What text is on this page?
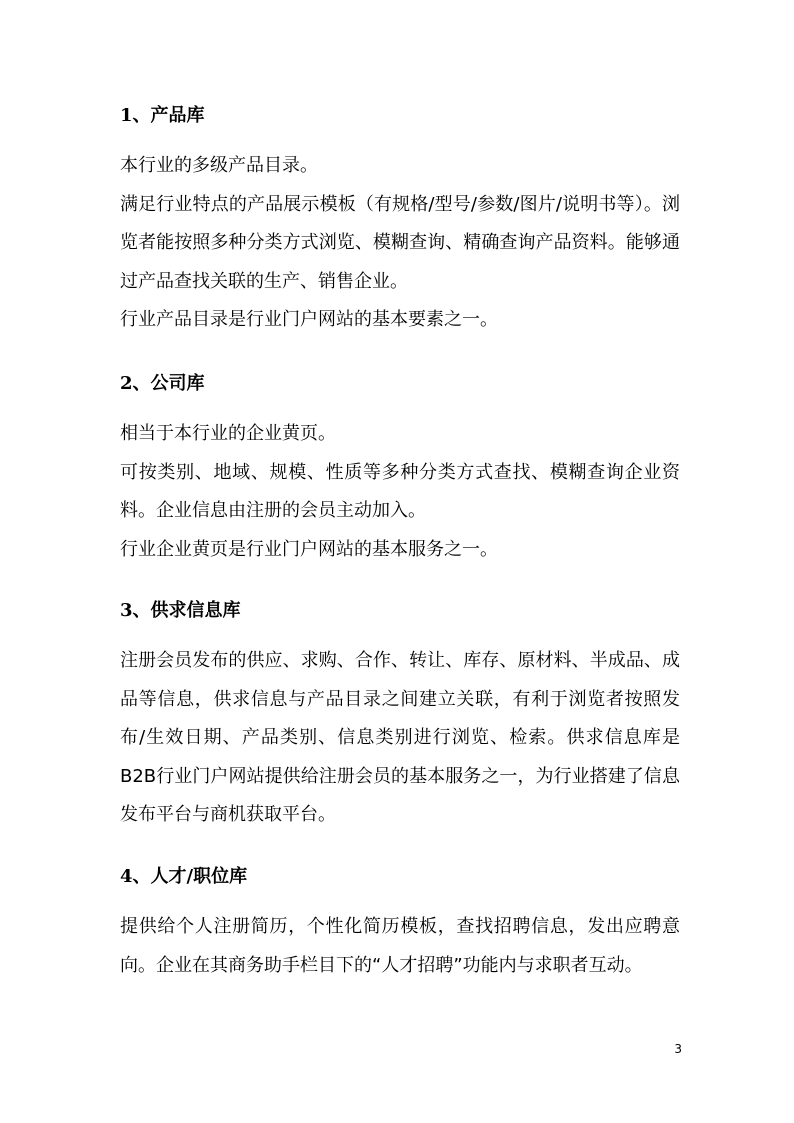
1、产品库

本行业的多级产品目录。

满足行业特点的产品展示模板（有规格/型号/参数/图片/说明书等）。浏览者能按照多种分类方式浏览、模糊查询、精确查询产品资料。能够通过产品查找关联的生产、销售企业。

行业产品目录是行业门户网站的基本要素之一。

2、公司库

相当于本行业的企业黄页。

可按类别、地域、规模、性质等多种分类方式查找、模糊查询企业资料。企业信息由注册的会员主动加入。

行业企业黄页是行业门户网站的基本服务之一。

3、供求信息库

注册会员发布的供应、求购、合作、转让、库存、原材料、半成品、成品等信息，供求信息与产品目录之间建立关联，有利于浏览者按照发布/生效日期、产品类别、信息类别进行浏览、检索。供求信息库是B2B行业门户网站提供给注册会员的基本服务之一，为行业搭建了信息发布平台与商机获取平台。

4、人才/职位库

提供给个人注册简历，个性化简历模板，查找招聘信息，发出应聘意向。企业在其商务助手栏目下的“人才招聘”功能内与求职者互动。

3
